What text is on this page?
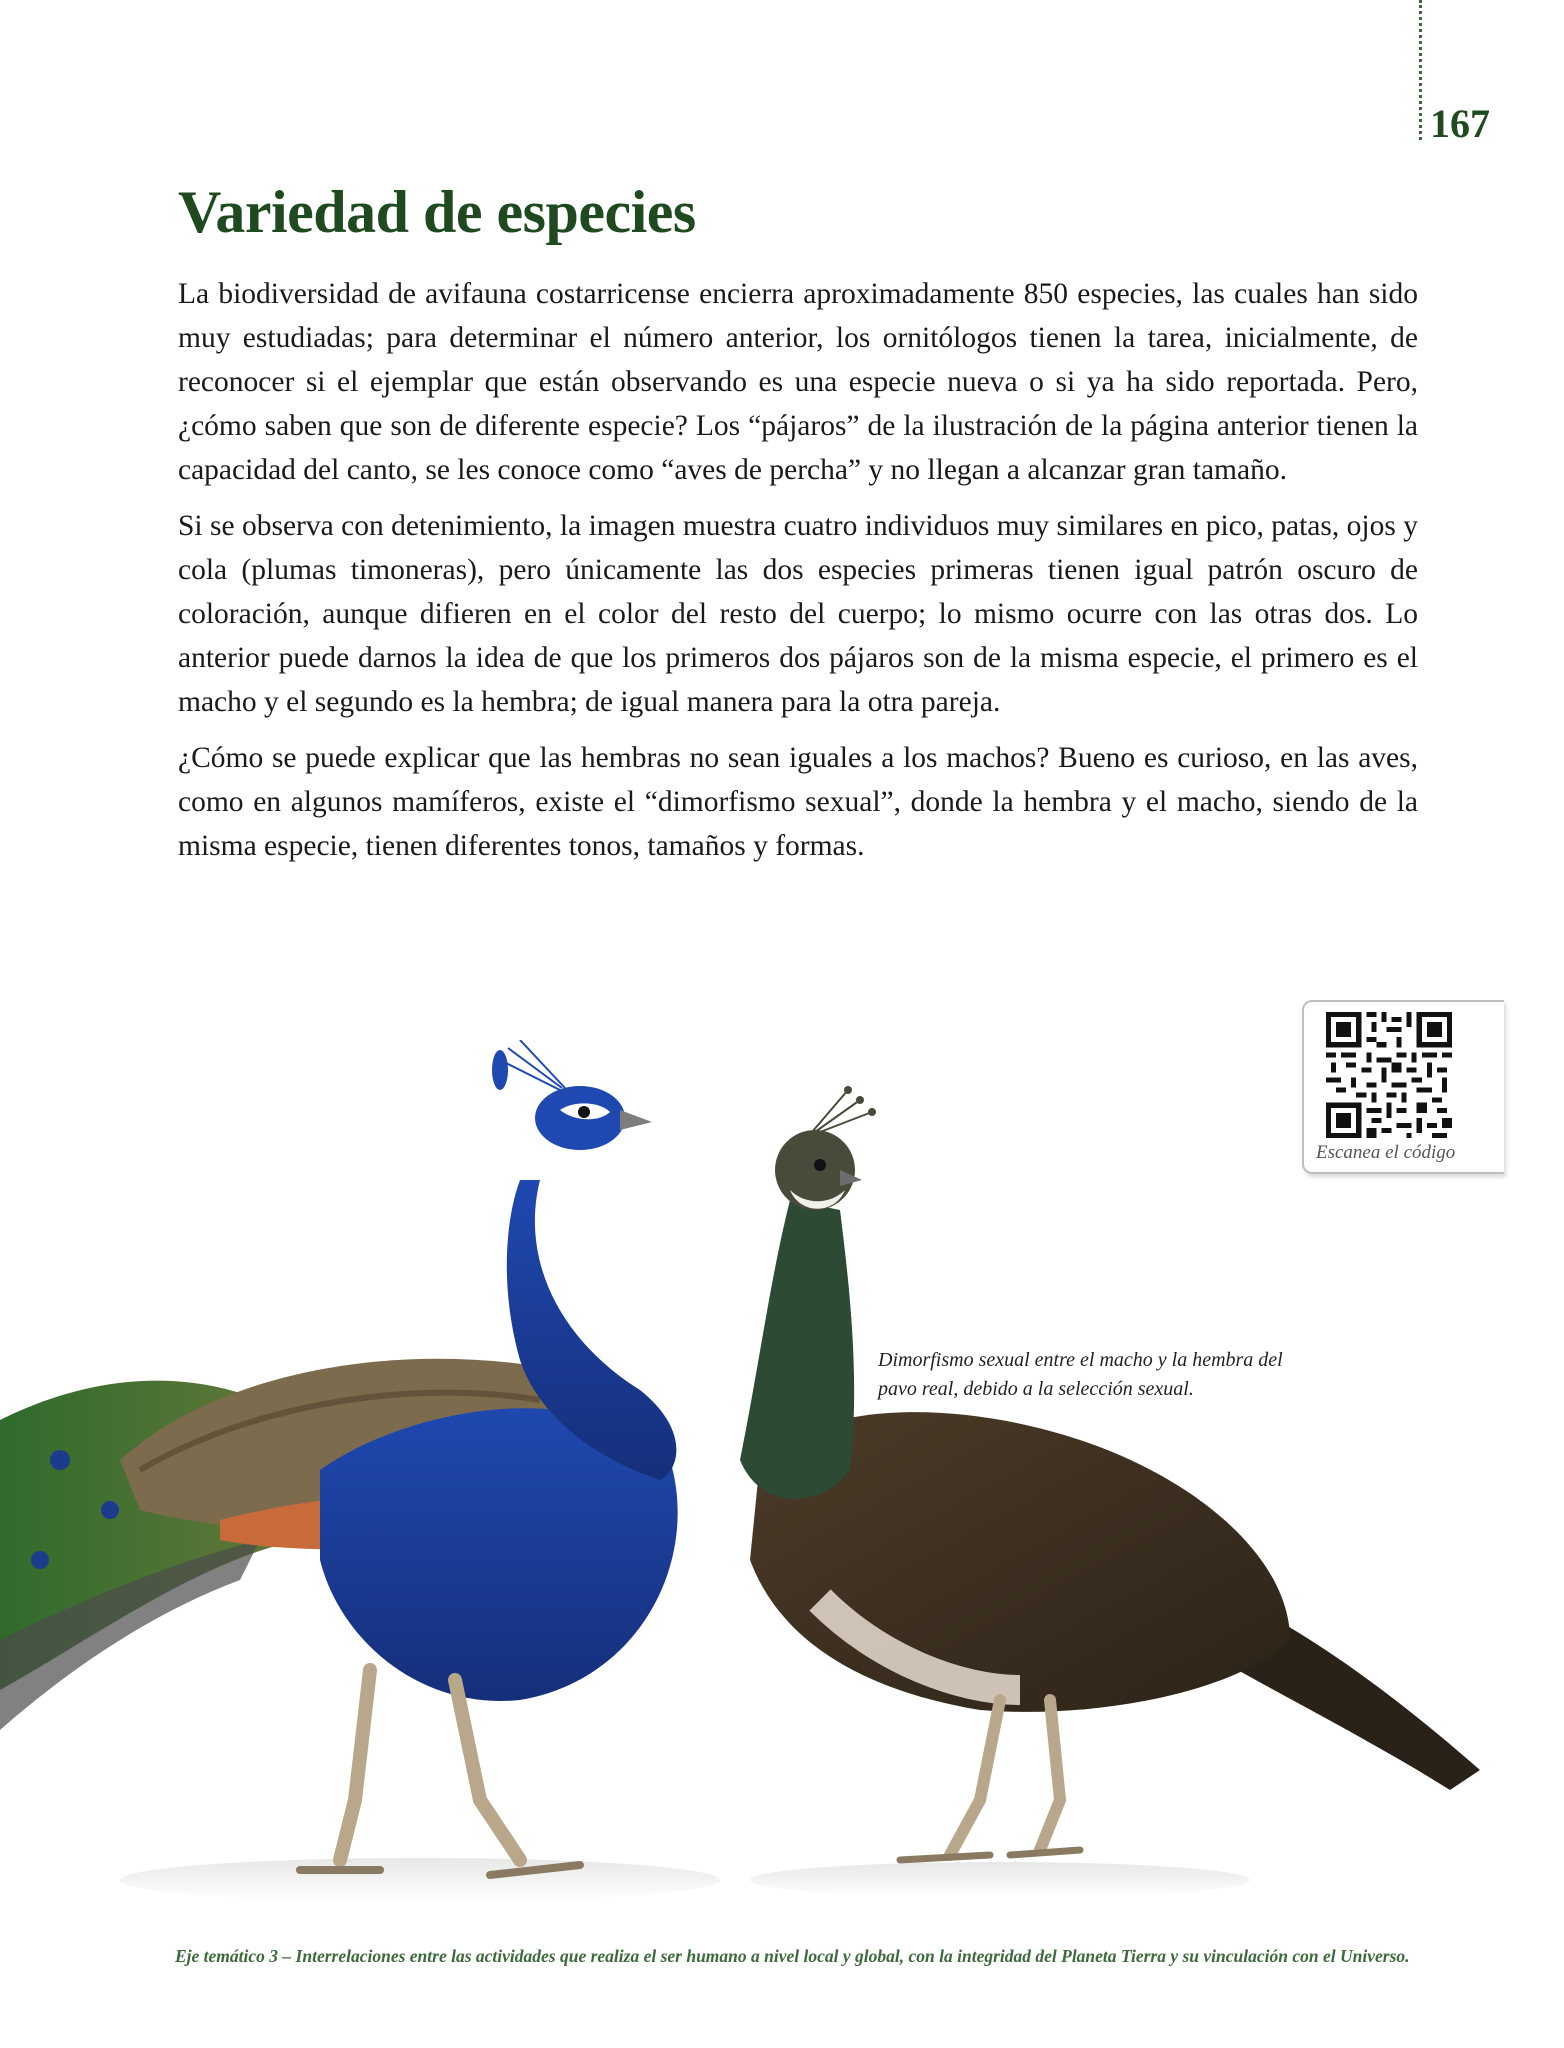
167
Variedad de especies

La biodiversidad de avifauna costarricense encierra aproximadamente 850 especies, las cuales han sido muy estudiadas; para determinar el número anterior, los ornitólogos tienen la tarea, inicialmente, de reconocer si el ejemplar que están observando es una especie nueva o si ya ha sido reportada. Pero, ¿cómo saben que son de diferente especie? Los “pájaros” de la ilustración de la página anterior tienen la capacidad del canto, se les conoce como “aves de percha” y no llegan a alcanzar gran tamaño.

Si se observa con detenimiento, la imagen muestra cuatro individuos muy similares en pico, patas, ojos y cola (plumas timoneras), pero únicamente las dos especies primeras tienen igual patrón oscuro de coloración, aunque difieren en el color del resto del cuerpo; lo mismo ocurre con las otras dos. Lo anterior puede darnos la idea de que los primeros dos pájaros son de la misma especie, el primero es el macho y el segundo es la hembra; de igual manera para la otra pareja.

¿Cómo se puede explicar que las hembras no sean iguales a los machos? Bueno es curioso, en las aves, como en algunos mamíferos, existe el “dimorfismo sexual”, donde la hembra y el macho, siendo de la misma especie, tienen diferentes tonos, tamaños y formas.

Escanea el código
Dimorfismo sexual entre el macho y la hembra del pavo real, debido a la selección sexual.
Eje temático 3 – Interrelaciones entre las actividades que realiza el ser humano a nivel local y global, con la integridad del Planeta Tierra y su vinculación con el Universo.
